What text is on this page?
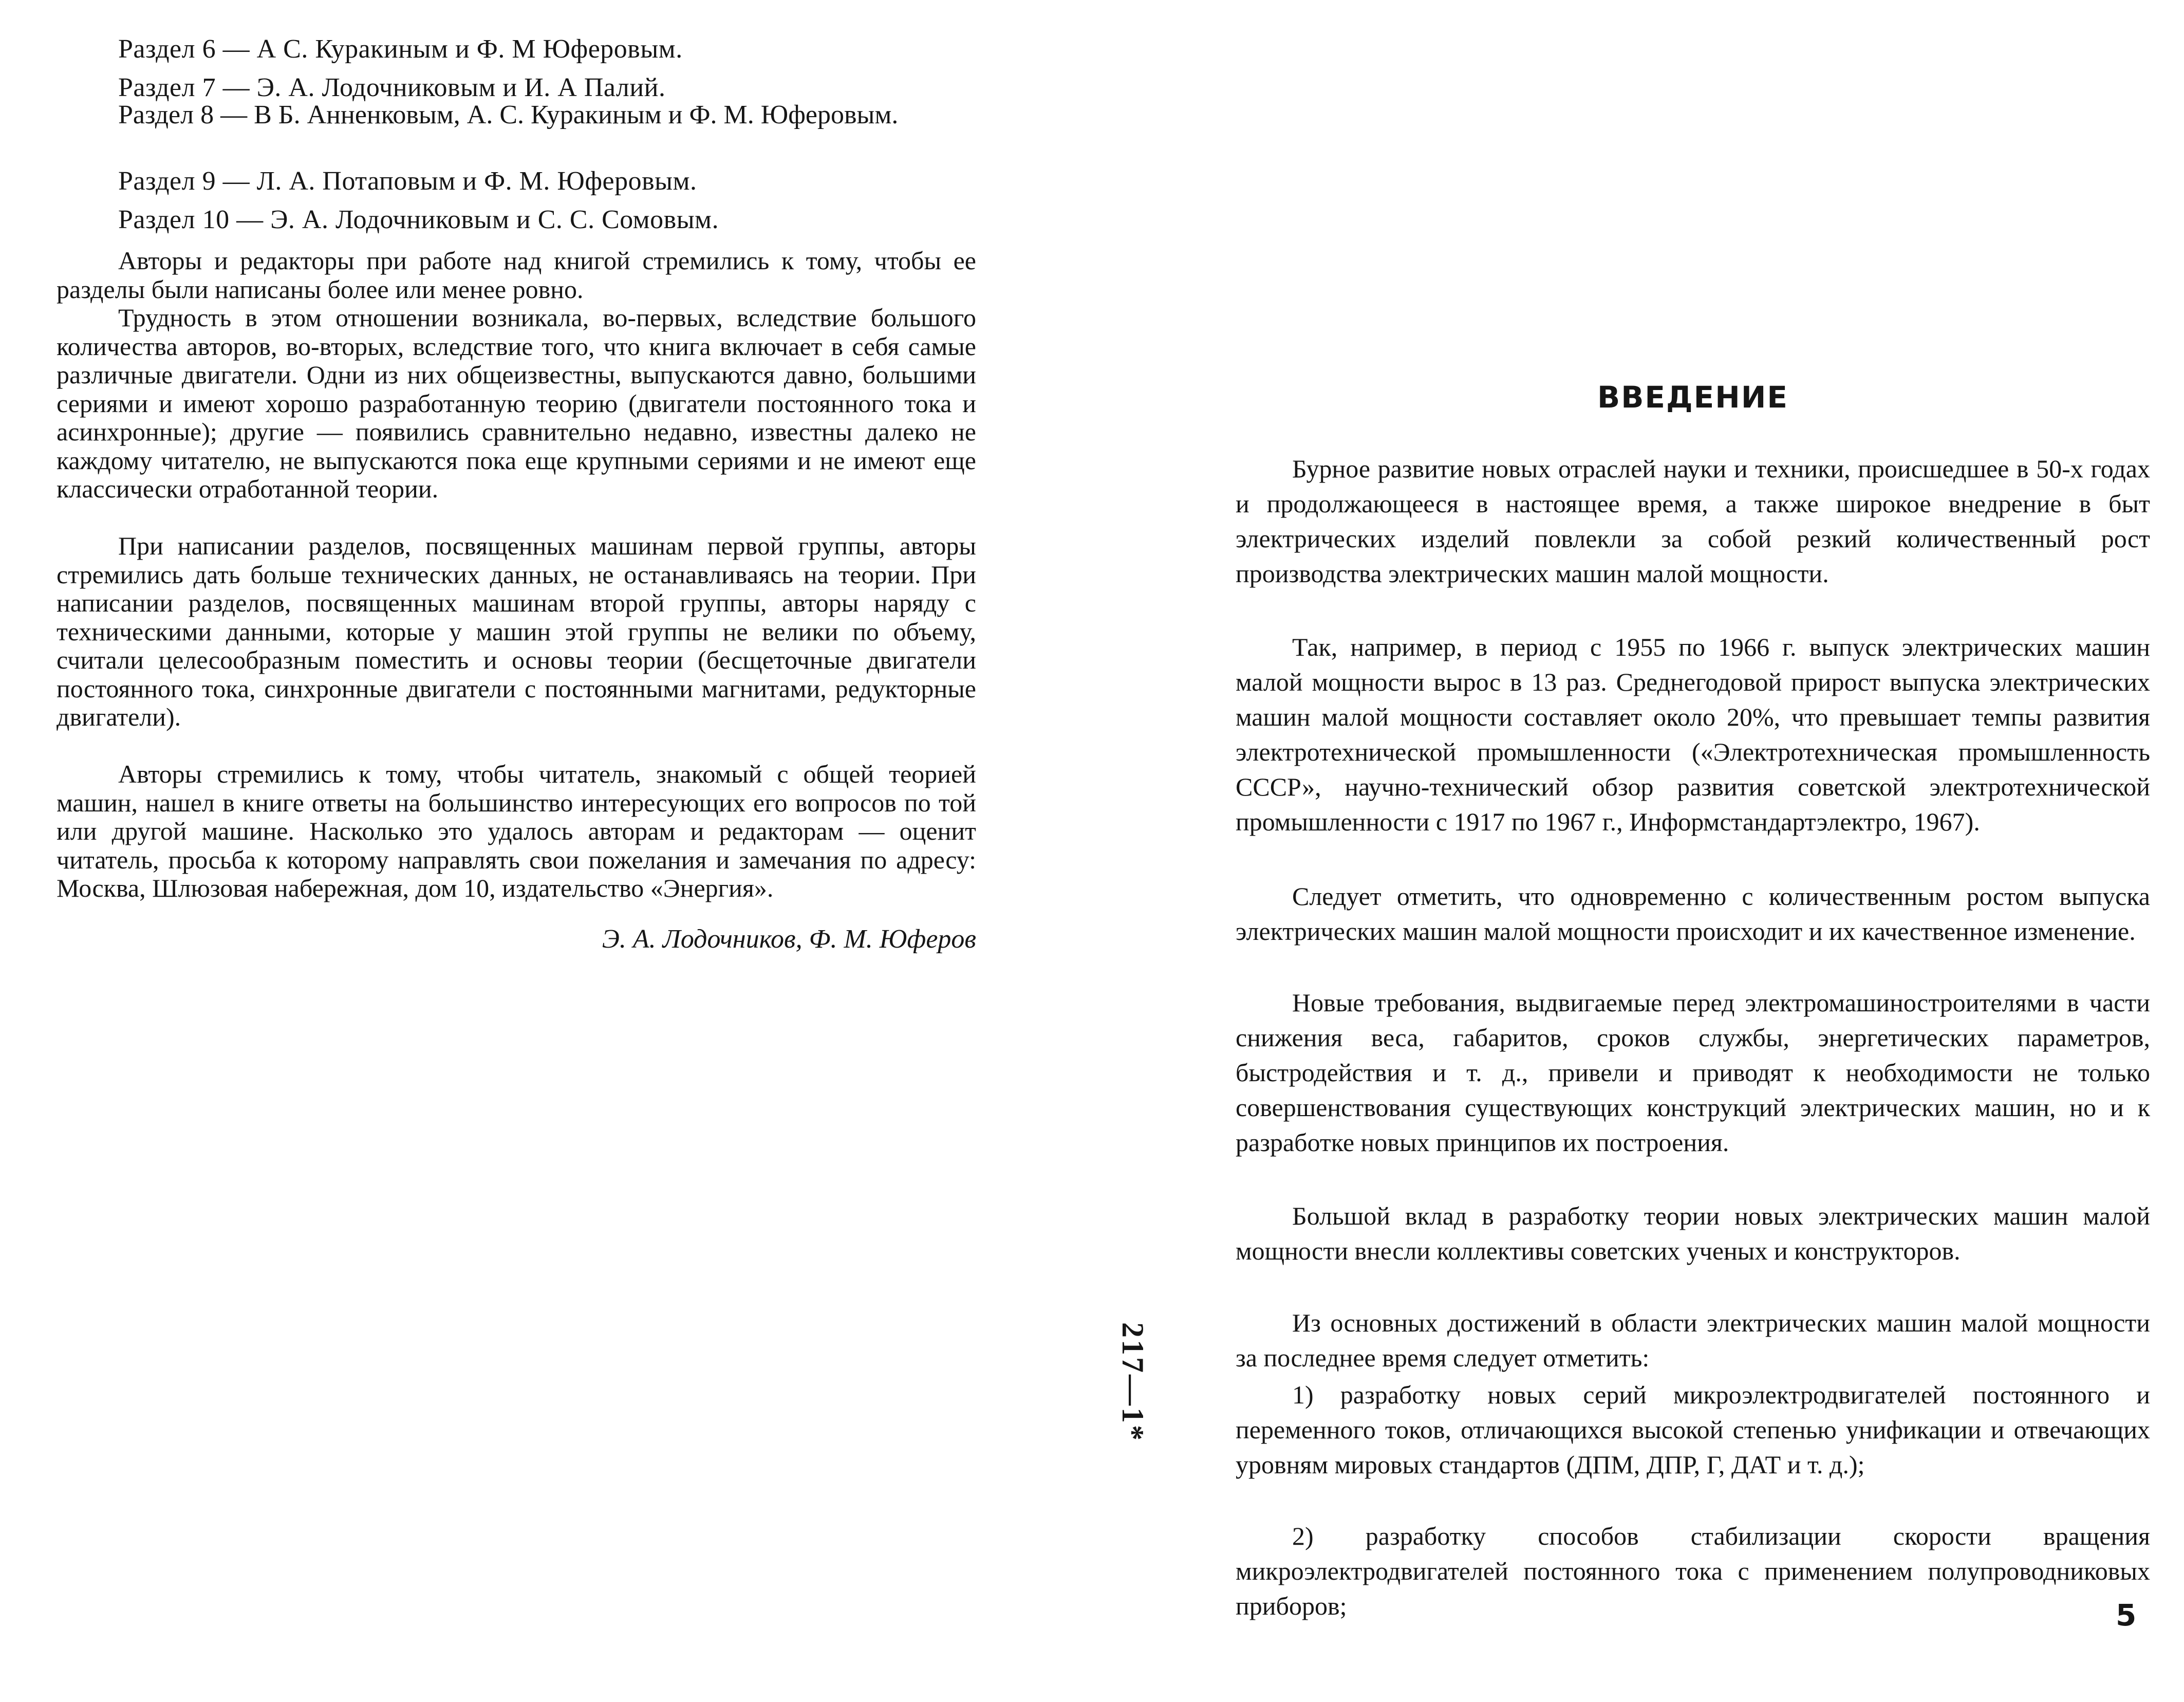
Раздел 6 — А С. Куракиным и Ф. М Юферовым.
Раздел 7 — Э. А. Лодочниковым и И. А Палий.
Раздел 8 — В Б. Анненковым, А. С. Куракиным и Ф. М. Юферовым.
Раздел 9 — Л. А. Потаповым и Ф. М. Юферовым.
Раздел 10 — Э. А. Лодочниковым и С. С. Сомовым.

Авторы и редакторы при работе над книгой стремились к тому, чтобы ее разделы были написаны более или менее ровно.

Трудность в этом отношении возникала, во-первых, вследствие большого количества авторов, во-вторых, вследствие того, что книга включает в себя самые различные двигатели. Одни из них общеизвестны, выпускаются давно, большими сериями и имеют хорошо разработанную теорию (двигатели постоянного тока и асинхронные); другие — появились сравнительно недавно, известны далеко не каждому читателю, не выпускаются пока еще крупными сериями и не имеют еще классически отработанной теории.

При написании разделов, посвященных машинам первой группы, авторы стремились дать больше технических данных, не останавливаясь на теории. При написании разделов, посвященных машинам второй группы, авторы наряду с техническими данными, которые у машин этой группы не велики по объему, считали целесообразным поместить и основы теории (бесщеточные двигатели постоянного тока, синхронные двигатели с постоянными магнитами, редукторные двигатели).

Авторы стремились к тому, чтобы читатель, знакомый с общей теорией машин, нашел в книге ответы на большинство интересующих его вопросов по той или другой машине. Насколько это удалось авторам и редакторам — оценит читатель, просьба к которому направлять свои пожелания и замечания по адресу: Москва, Шлюзовая набережная, дом 10, издательство «Энергия».

Э. А. Лодочников, Ф. М. Юферов
217—1*
ВВЕДЕНИЕ

Бурное развитие новых отраслей науки и техники, происшедшее в 50-х годах и продолжающееся в настоящее время, а также широкое внедрение в быт электрических изделий повлекли за собой резкий количественный рост производства электрических машин малой мощности.

Так, например, в период с 1955 по 1966 г. выпуск электрических машин малой мощности вырос в 13 раз. Среднегодовой прирост выпуска электрических машин малой мощности составляет около 20%, что превышает темпы развития электротехнической промышленности («Электротехническая промышленность СССР», научно-технический обзор развития советской электротехнической промышленности с 1917 по 1967 г., Информстандартэлектро, 1967).

Следует отметить, что одновременно с количественным ростом выпуска электрических машин малой мощности происходит и их качественное изменение.

Новые требования, выдвигаемые перед электромашиностроителями в части снижения веса, габаритов, сроков службы, энергетических параметров, быстродействия и т. д., привели и приводят к необходимости не только совершенствования существующих конструкций электрических машин, но и к разработке новых принципов их построения.

Большой вклад в разработку теории новых электрических машин малой мощности внесли коллективы советских ученых и конструкторов.

Из основных достижений в области электрических машин малой мощности за последнее время следует отметить:

1) разработку новых серий микроэлектродвигателей постоянного и переменного токов, отличающихся высокой степенью унификации и отвечающих уровням мировых стандартов (ДПМ, ДПР, Г, ДАТ и т. д.);

2) разработку способов стабилизации скорости вращения микроэлектродвигателей постоянного тока с применением полупроводниковых приборов;	5
